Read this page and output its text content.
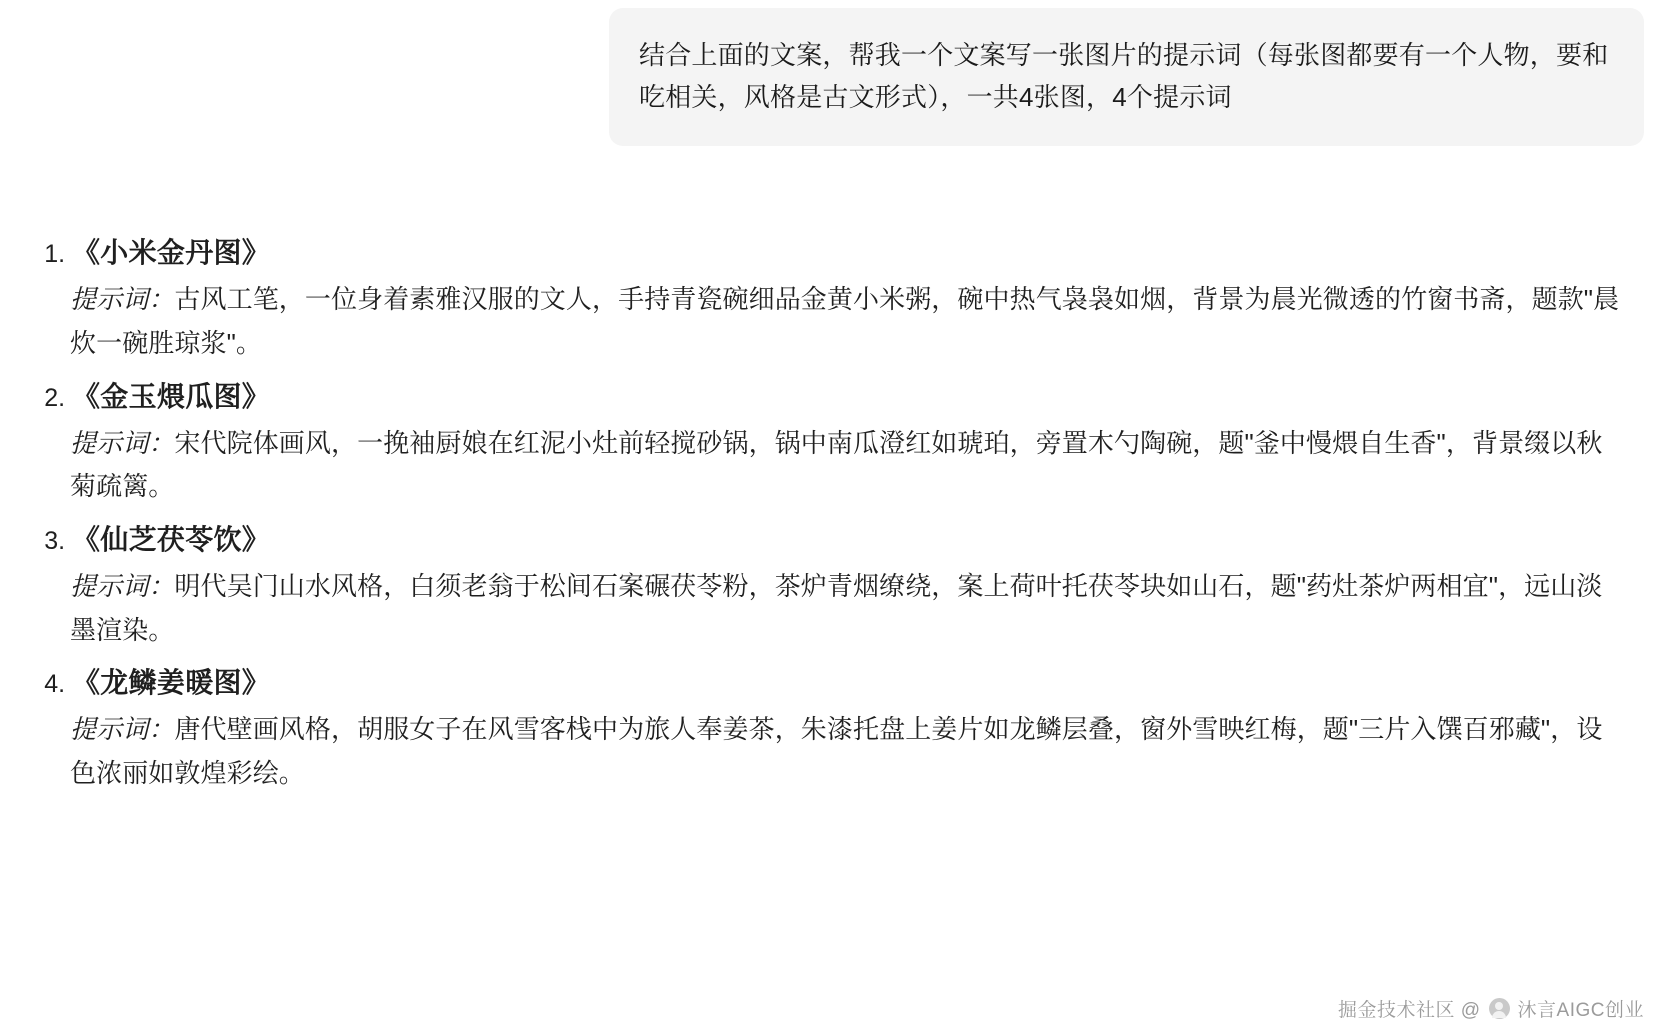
结合上面的文案，帮我一个文案写一张图片的提示词（每张图都要有一个人物，要和吃相关，风格是古文形式），一共4张图，4个提示词
1. 《小米金丹图》
提示词：古风工笔，一位身着素雅汉服的文人，手持青瓷碗细品金黄小米粥，碗中热气袅袅如烟，背景为晨光微透的竹窗书斋，题款"晨炊一碗胜琼浆"。
2. 《金玉煨瓜图》
提示词：宋代院体画风，一挽袖厨娘在红泥小灶前轻搅砂锅，锅中南瓜澄红如琥珀，旁置木勺陶碗，题"釜中慢煨自生香"，背景缀以秋菊疏篱。
3. 《仙芝茯苓饮》
提示词：明代吴门山水风格，白须老翁于松间石案碾茯苓粉，茶炉青烟缭绕，案上荷叶托茯苓块如山石，题"药灶茶炉两相宜"，远山淡墨渲染。
4. 《龙鳞姜暖图》
提示词：唐代壁画风格，胡服女子在风雪客栈中为旅人奉姜茶，朱漆托盘上姜片如龙鳞层叠，窗外雪映红梅，题"三片入馔百邪藏"，设色浓丽如敦煌彩绘。
掘金技术社区 @ 沐言AIGC创业
